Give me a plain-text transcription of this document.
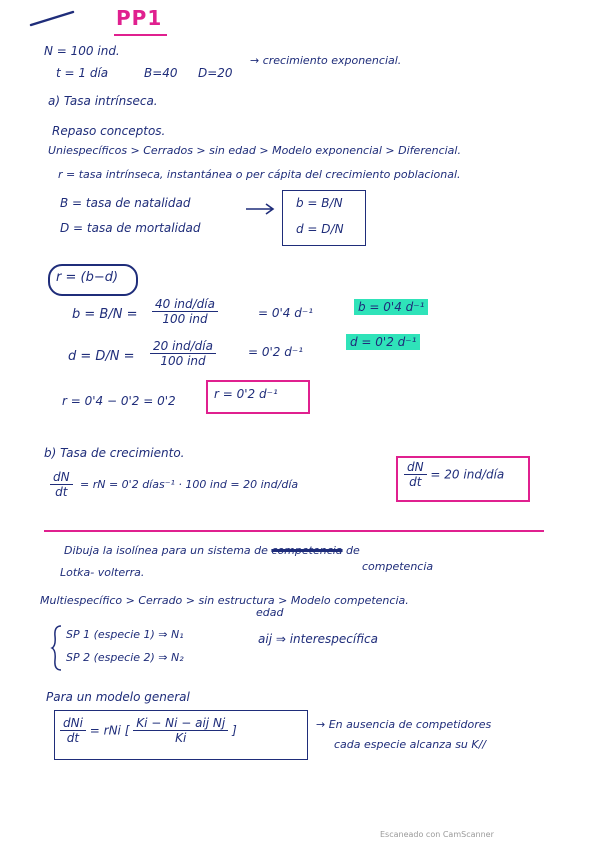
PP1
N = 100 ind.
t = 1 día	B=40 D=20
→ crecimiento exponencial.
a) Tasa intrínseca.
Repaso conceptos.
Uniespecíficos > Cerrados > sin edad > Modelo exponencial > Diferencial.
r = tasa intrínseca, instantánea o per cápita del crecimiento poblacional.
B = tasa de natalidad
D = tasa de mortalidad
b = B/N
d = D/N
r = (b−d)
$b = B/N = \frac{\text{40 ind/día}}{\text{100 ind}}$	= 0'4 d⁻¹	b = 0'4 d⁻¹
$d = D/N = \frac{\text{20 ind/día}}{\text{100 ind}}$	= 0'2 d⁻¹
d = 0'2 d⁻¹
r = 0'4 − 0'2 = 0'2	r = 0'2 d⁻¹
b) Tasa de crecimiento.
$\frac{dN}{dt}$ = rN = 0'2 días⁻¹ · 100 ind = 20 ind/día	$\frac{dN}{dt} = 20$ ind/día
Dibuja la isolínea para un sistema de competencia de
competencia
Lotka- volterra.
Multiespecífico > Cerrado > sin estructura > Modelo competencia.
edad
SP 1 (especie 1) ⇒ N₁
SP 2 (especie 2) ⇒ N₂
aij ⇒ interespecífica
Para un modelo general
$\frac{\text{dNi}}{dt}$ = rNi [ $\frac{\text{Ki − Ni − aij Nj}}{Ki}$ ]	→ En ausencia de competidores
cada especie alcanza su K//
Escaneado con CamScanner
